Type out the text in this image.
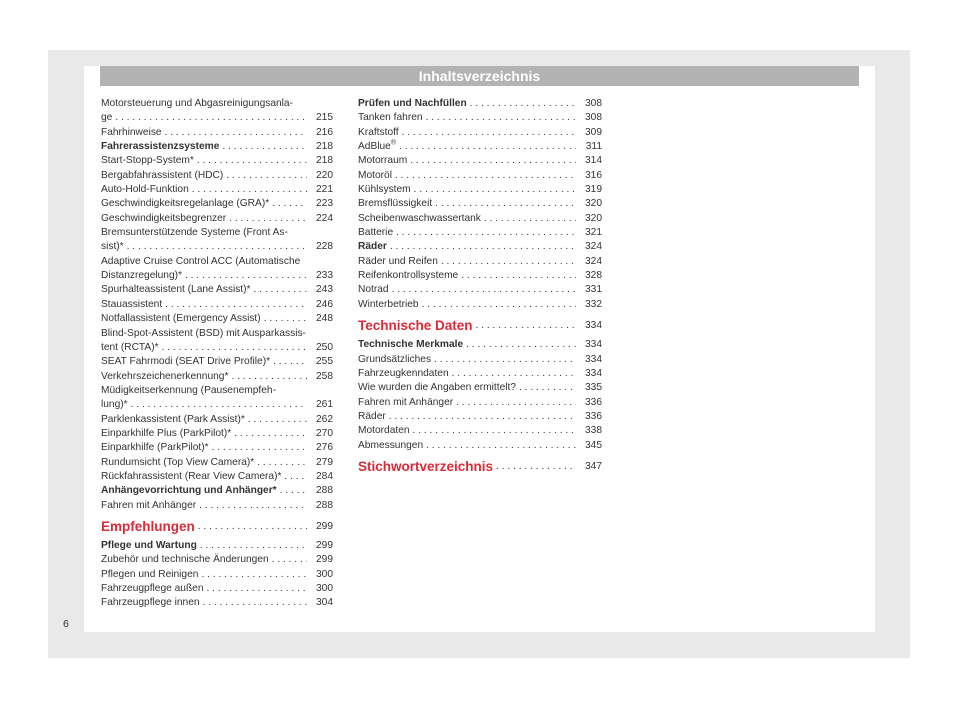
Inhaltsverzeichnis
Motorsteuerung und Abgasreinigungsanla-
ge . . .	215
Fahrhinweise . . .	216
Fahrerassistenzsysteme . . .	218
Start-Stopp-System* . . .	218
Bergabfahrassistent (HDC) . . .	220
Auto-Hold-Funktion . . .	221
Geschwindigkeitsregelanlage (GRA)* . . .	223
Geschwindigkeitsbegrenzer . . .	224
Bremsunterstützende Systeme (Front As-
sist)* . . .	228
Adaptive Cruise Control ACC (Automatische
Distanzregelung)* . . .	233
Spurhalteassistent (Lane Assist)* . . .	243
Stauassistent . . .	246
Notfallassistent (Emergency Assist) . . .	248
Blind-Spot-Assistent (BSD) mit Ausparkassis-
tent (RCTA)* . . .	250
SEAT Fahrmodi (SEAT Drive Profile)* . . .	255
Verkehrszeichenerkennung* . . .	258
Müdigkeitserkennung (Pausenempfeh-
lung)* . . .	261
Parklenkassistent (Park Assist)* . . .	262
Einparkhilfe Plus (ParkPilot)* . . .	270
Einparkhilfe (ParkPilot)* . . .	276
Rundumsicht (Top View Camera)* . . .	279
Rückfahrassistent (Rear View Camera)* . . .	284
Anhängevorrichtung und Anhänger* . . .	288
Fahren mit Anhänger . . .	288
Empfehlungen . . .	299
Pflege und Wartung . . .	299
Zubehör und technische Änderungen . . .	299
Pflegen und Reinigen . . .	300
Fahrzeugpflege außen . . .	300
Fahrzeugpflege innen . . .	304
Prüfen und Nachfüllen . . .	308
Tanken fahren . . .	308
Kraftstoff . . .	309
AdBlue® . . .	311
Motorraum . . .	314
Motoröl . . .	316
Kühlsystem . . .	319
Bremsflüssigkeit . . .	320
Scheibenwaschwassertank . . .	320
Batterie . . .	321
Räder . . .	324
Räder und Reifen . . .	324
Reifenkontrollsysteme . . .	328
Notrad . . .	331
Winterbetrieb . . .	332
Technische Daten . . .	334
Technische Merkmale . . .	334
Grundsätzliches . . .	334
Fahrzeugkenndaten . . .	334
Wie wurden die Angaben ermittelt? . . .	335
Fahren mit Anhänger . . .	336
Räder . . .	336
Motordaten . . .	338
Abmessungen . . .	345
Stichwortverzeichnis . . .	347
6
